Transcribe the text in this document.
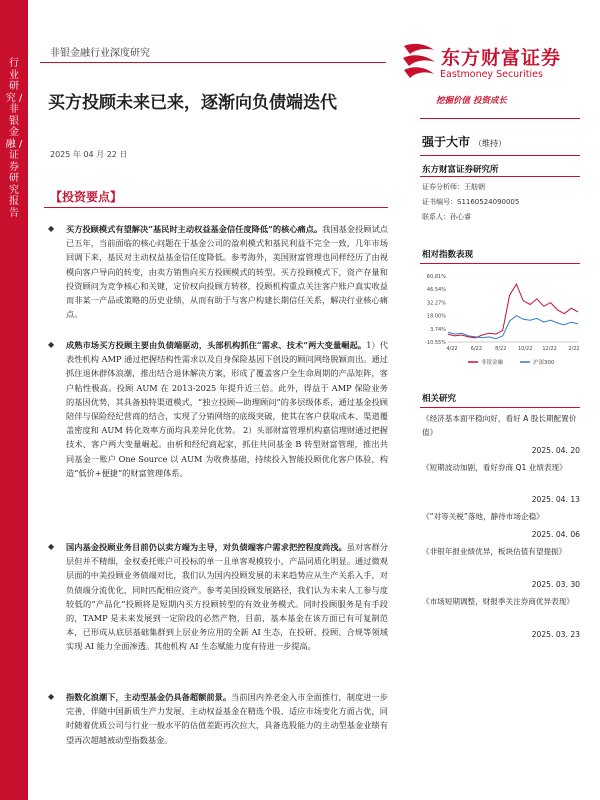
行业研究 / 非银金融 / 证券研究报告
非银金融行业深度研究
买方投顾未来已来，逐渐向负债端迭代
2025 年 04 月 22 日
【投资要点】
◆ 买方投顾模式有望解决“基民时主动权益基金信任度降低”的核心痛点。我国基金投顾试点已五年，当前面临的核心问题在于基金公司的盈利模式和基民利益不完全一致，几年市场回调下来，基民对主动权益基金信任度降低。参考海外，美国财富管理也同样经历了由视模向客户导向的转变，由卖方销售向买方投顾模式的转型。买方投顾模式下，资产存量和投资顾问为竞争核心和关键，定价权向投顾方转移，投顾机构重点关注客户账户真实收益而非某一产品或策略的历史业绩，从而有助于与客户构建长期信任关系，解决行业核心痛点。
◆ 成熟市场买方投顾主要由负债端驱动，头部机构抓住“需求、技术”两大变量崛起。1）代表性机构 AMP 通过把握结构性需求以及自身保险基因下创设的顾问网络脱颖而出。通过抓住退休群体浪潮，推出结合退休解决方案，形成了覆盖客户全生命周期的产品矩阵，客户粘性极高。投顾 AUM 在 2013-2025 年提升近三倍。此外，得益于 AMP 保险业务的基因优势，其具备独特渠道模式，“独立投顾—助理顾问”的多层级体系，通过基金投顾陪伴与保险经纪营商的结合，实现了分销网络的底级突破，使其在客户获取成本、渠道覆盖密度和 AUM 转化效率方面均具差异化优势。 2）头部财富管理机构嘉信理财通过把握技术、客户两大变量崛起。由析和经纪商起家，抓住共同基金 B 转型财富管理，推出共同基金一账户 One Source 以 AUM 为收费基础，持续投入智能投顾优化客户体验，构造“低价+便捷”的财富管理体系。
◆ 国内基金投顾业务目前仍以卖方端为主导，对负债端客户需求把控程度尚浅。虽对客群分层但并不精细，金权委托账户可投标的单一且单客观模较小，产品同质化明显。通过微观层面的中美投顾业务债端对比，我们认为国内投顾发展的未来趋势应从生产关系入手，对负债端分流优化，同时匹配相应资产。参考美国投顾发展路径，我们认为未来人工参与度较低的“产品化”投顾将是短期内买方投顾转型的有效业务模式。同时投顾服务是有手段的，TAMP 是未来发展到一定阶段的必然产物，目前，基本基金在该方面已有可复制范本，已形成从底层基础集群到上层业务应用的全新 AI 生态，在投研、投顾、合规等领域实现 AI 能力全面渗透。其他机构 AI 生态赋能力度有待进一步提高。
◆ 指数化浪潮下，主动型基金仍具备超额前景。当前国内养老金入市全面推行，制度进一步完善，伴随中国新质生产力发展，主动权益基金在精选个股、适应市场变化方面占优，同时随着优质公司与行业一般水平的估值差距再次拉大，具备选股能力的主动型基金业绩有望再次超越被动型指数基金。
东方财富证券
Eastmoney Securities
挖掘价值 投资成长
强于大市 （维持）
东方财富证券研究所
证券分析师：王舫朝
证书编号：S1160524090005
联系人：孙心睿
相对指数表现
60.81%
46.54%
32.27%
18.00%
3.74%
-10.55%
4/22	6/22	8/22 10/22 12/22 2/22
非银金融	沪深300
相关研究
《经济基本面平稳向好，看好 A 股长期配置价值》
2025. 04. 20
《短期波动加剧，看好券商 Q1 业绩表现》
2025. 04. 13
《“对等关税”落地，静待市场企稳》
2025. 04. 06
《非银年报业绩优异，板块估值有望提振》
2025. 03. 30
《市场短期调整，财报季关注券商优异表现》
2025. 03. 23
